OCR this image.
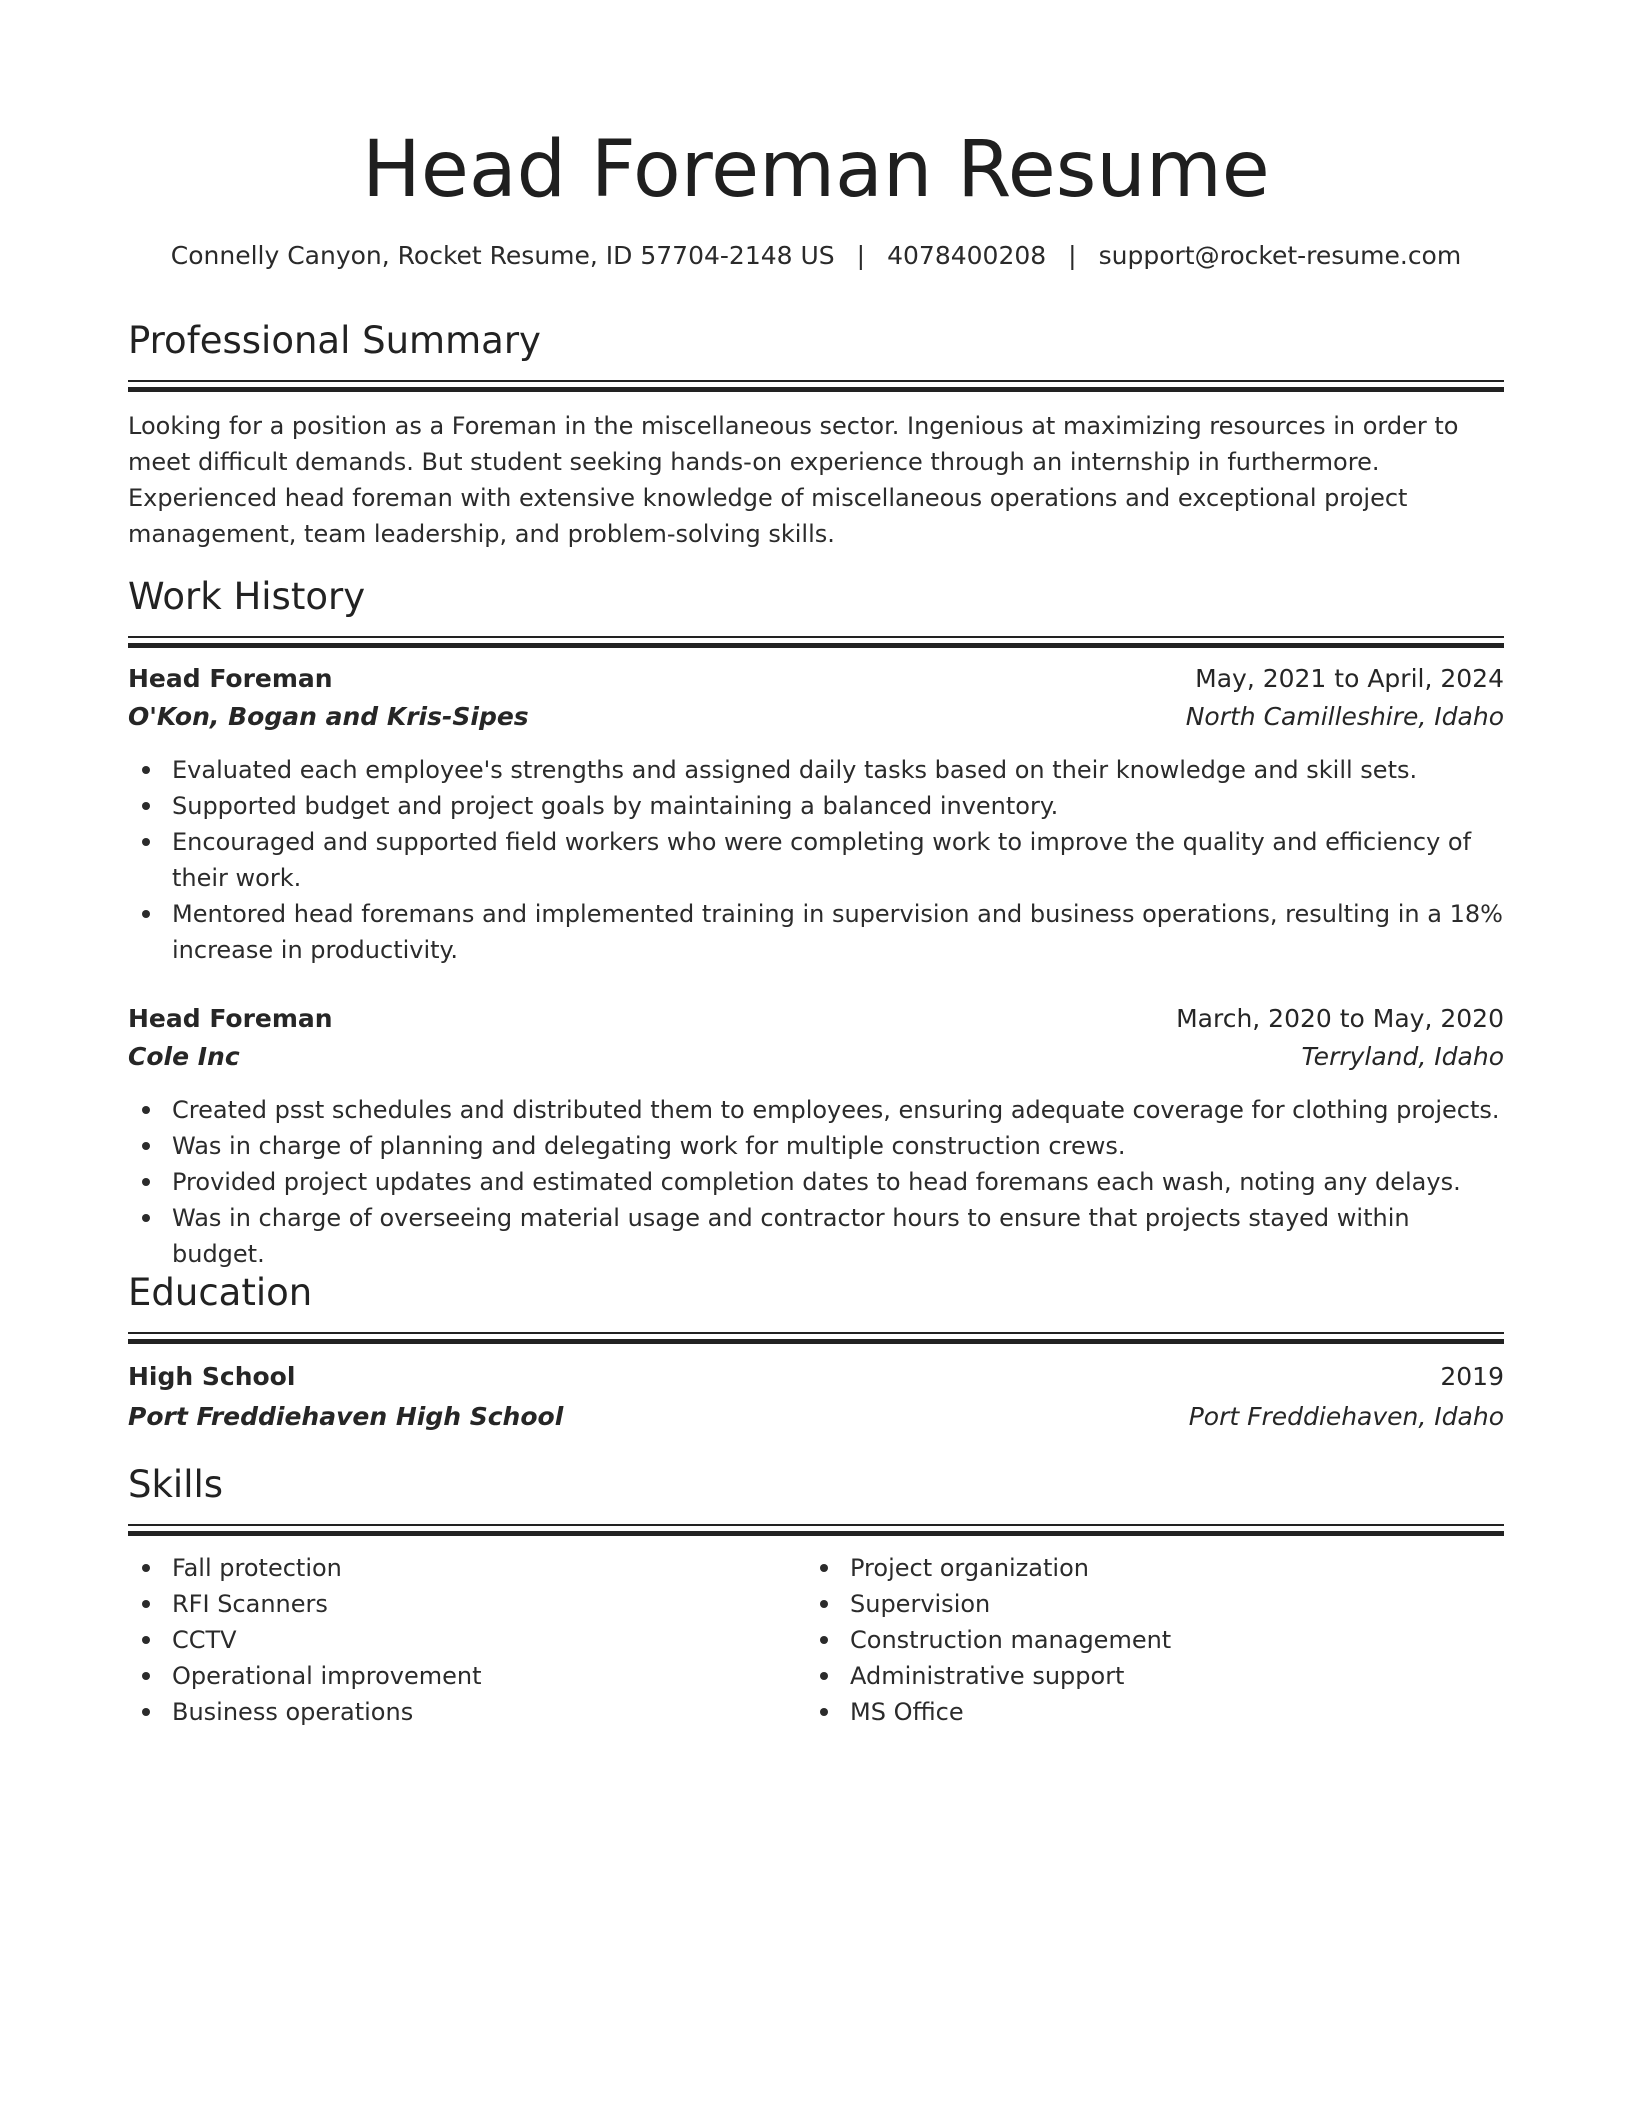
Head Foreman Resume
Connelly Canyon, Rocket Resume, ID 57704-2148 US | 4078400208 | support@rocket-resume.com
Professional Summary
Looking for a position as a Foreman in the miscellaneous sector. Ingenious at maximizing resources in order to meet difficult demands. But student seeking hands-on experience through an internship in furthermore. Experienced head foreman with extensive knowledge of miscellaneous operations and exceptional project management, team leadership, and problem-solving skills.
Work History
Head Foreman	May, 2021 to April, 2024
O'Kon, Bogan and Kris-Sipes	North Camilleshire, Idaho
Evaluated each employee's strengths and assigned daily tasks based on their knowledge and skill sets.
Supported budget and project goals by maintaining a balanced inventory.
Encouraged and supported field workers who were completing work to improve the quality and efficiency of their work.
Mentored head foremans and implemented training in supervision and business operations, resulting in a 18% increase in productivity.
Head Foreman	March, 2020 to May, 2020
Cole Inc	Terryland, Idaho
Created psst schedules and distributed them to employees, ensuring adequate coverage for clothing projects.
Was in charge of planning and delegating work for multiple construction crews.
Provided project updates and estimated completion dates to head foremans each wash, noting any delays.
Was in charge of overseeing material usage and contractor hours to ensure that projects stayed within budget.
Education
High School	2019
Port Freddiehaven High School	Port Freddiehaven, Idaho
Skills
Fall protection
RFI Scanners
CCTV
Operational improvement
Business operations
Project organization
Supervision
Construction management
Administrative support
MS Office
